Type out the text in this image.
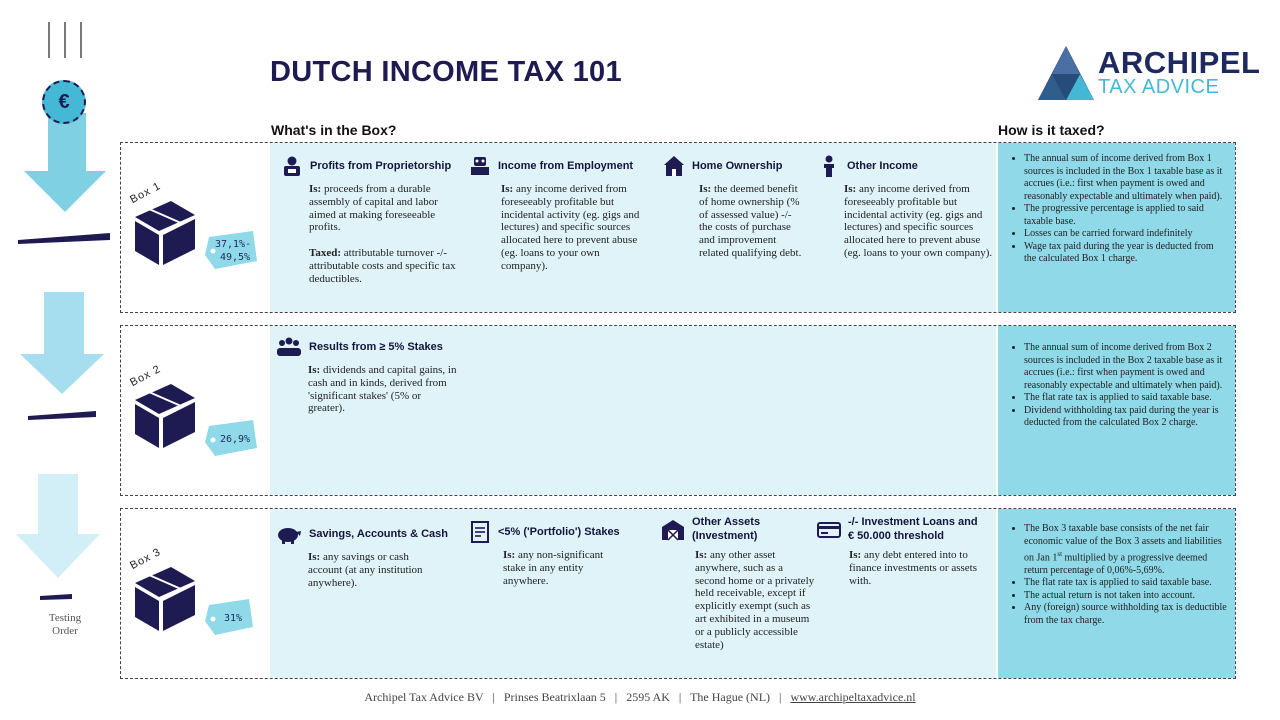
DUTCH INCOME TAX 101	ARCHIPEL
TAX ADVICE
€
Testing
Order
What's in the Box?	How is it taxed?
• The annual sum of income derived from Box 1 sources is included in the Box 1 taxable base as it accrues (i.e.: first when payment is owed and reasonably expectable and ultimately when paid).
• The progressive percentage is applied to said taxable base.
• Losses can be carried forward indefinitely
• Wage tax paid during the year is deducted from the calculated Box 1 charge.
Box 1
37,1%-
49,5%
Profits from Proprietorship
Is: proceeds from a durable assembly of capital and labor aimed at making foreseeable profits.
Taxed: attributable turnover -/- attributable costs and specific tax deductibles.
Income from Employment
Is: any income derived from foreseeably profitable but incidental activity (eg. gigs and lectures) and specific sources allocated here to prevent abuse (eg. loans to your own company).
Home Ownership
Is: the deemed benefit of home ownership (% of assessed value) -/- the costs of purchase and improvement related qualifying debt.
Other Income
Is: any income derived from foreseeably profitable but incidental activity (eg. gigs and lectures) and specific sources allocated here to prevent abuse (eg. loans to your own company).
• The annual sum of income derived from Box 2 sources is included in the Box 2 taxable base as it accrues (i.e.: first when payment is owed and reasonably expectable and ultimately when paid).
• The flat rate tax is applied to said taxable base.
• Dividend withholding tax paid during the year is deducted from the calculated Box 2 charge.
Box 2
26,9%
Results from ≥ 5% Stakes
Is: dividends and capital gains, in cash and in kinds, derived from 'significant stakes' (5% or greater).
• The Box 3 taxable base consists of the net fair economic value of the Box 3 assets and liabilities on Jan 1st multiplied by a progressive deemed return percentage of 0,06%-5,69%.
• The flat rate tax is applied to said taxable base.
• The actual return is not taken into account.
• Any (foreign) source withholding tax is deductible from the tax charge.
Box 3
31%
Savings, Accounts & Cash
Is: any savings or cash account (at any institution anywhere).
<5% ('Portfolio') Stakes
Is: any non-significant stake in any entity anywhere.
Other Assets (Investment)
Is: any other asset anywhere, such as a second home or a privately held receivable, except if explicitly exempt (such as art exhibited in a museum or a publicly accessible estate)
-/- Investment Loans and € 50.000 threshold
Is: any debt entered into to finance investments or assets with.
Archipel Tax Advice BV | Prinses Beatrixlaan 5 | 2595 AK | The Hague (NL) | www.archipeltaxadvice.nl
